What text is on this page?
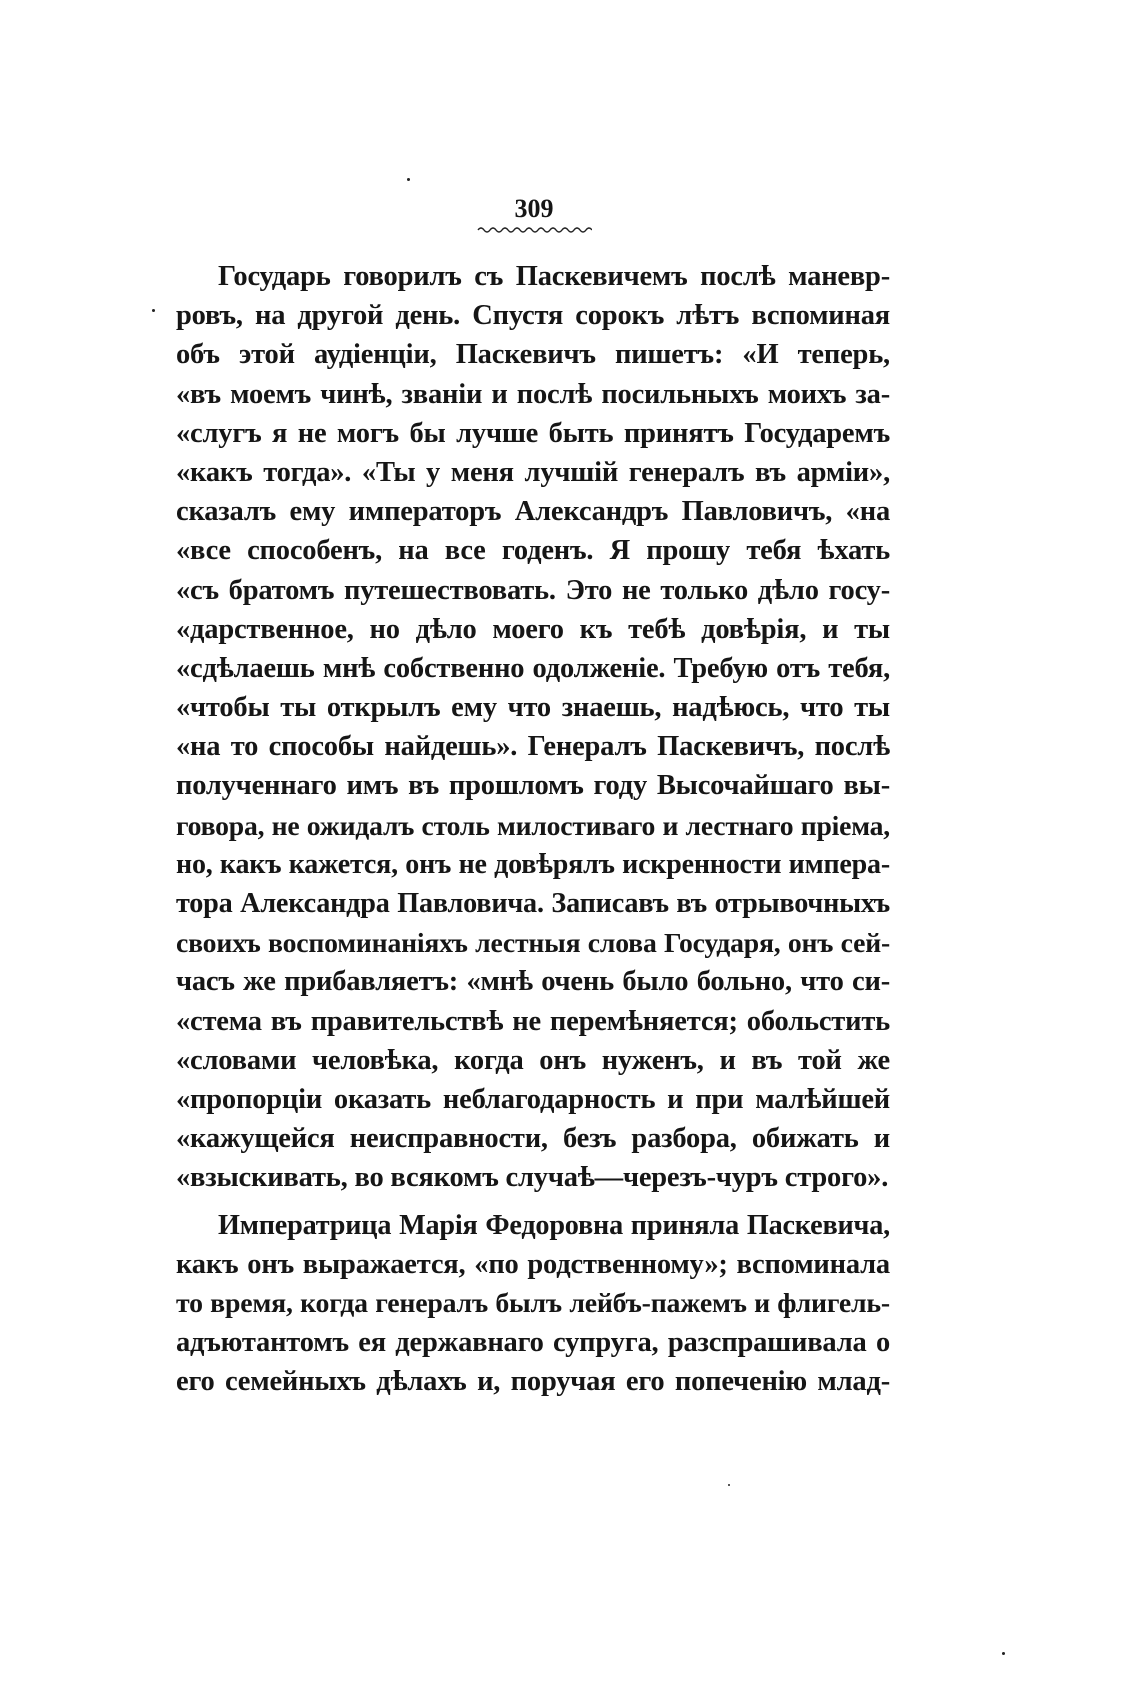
309
Государь говорилъ съ Паскевичемъ послѣ маневр-
ровъ, на другой день. Спустя сорокъ лѣтъ вспоминая
объ этой аудіенціи, Паскевичъ пишетъ: «И теперь,
«въ моемъ чинѣ, званіи и послѣ посильныхъ моихъ за-
«слугъ я не могъ бы лучше быть принятъ Государемъ
«какъ тогда». «Ты у меня лучшій генералъ въ арміи»,
сказалъ ему императоръ Александръ Павловичъ, «на
«все способенъ, на все годенъ. Я прошу тебя ѣхать
«съ братомъ путешествовать. Это не только дѣло госу-
«дарственное, но дѣло моего къ тебѣ довѣрія, и ты
«сдѣлаешь мнѣ собственно одолженіе. Требую отъ тебя,
«чтобы ты открылъ ему что знаешь, надѣюсь, что ты
«на то способы найдешь». Генералъ Паскевичъ, послѣ
полученнаго имъ въ прошломъ году Высочайшаго вы-
говора, не ожидалъ столь милостиваго и лестнаго пріема,
но, какъ кажется, онъ не довѣрялъ искренности импера-
тора Александра Павловича. Записавъ въ отрывочныхъ
своихъ воспоминаніяхъ лестныя слова Государя, онъ сей-
часъ же прибавляетъ: «мнѣ очень было больно, что си-
«стема въ правительствѣ не перемѣняется; обольстить
«словами человѣка, когда онъ нуженъ, и въ той же
«пропорціи оказать неблагодарность и при малѣйшей
«кажущейся неисправности, безъ разбора, обижать и
«взыскивать, во всякомъ случаѣ—черезъ-чуръ строго».
Императрица Марія Федоровна приняла Паскевича,
какъ онъ выражается, «по родственному»; вспоминала
то время, когда генералъ былъ лейбъ-пажемъ и флигель-
адъютантомъ ея державнаго супруга, разспрашивала о
его семейныхъ дѣлахъ и, поручая его попеченію млад-
